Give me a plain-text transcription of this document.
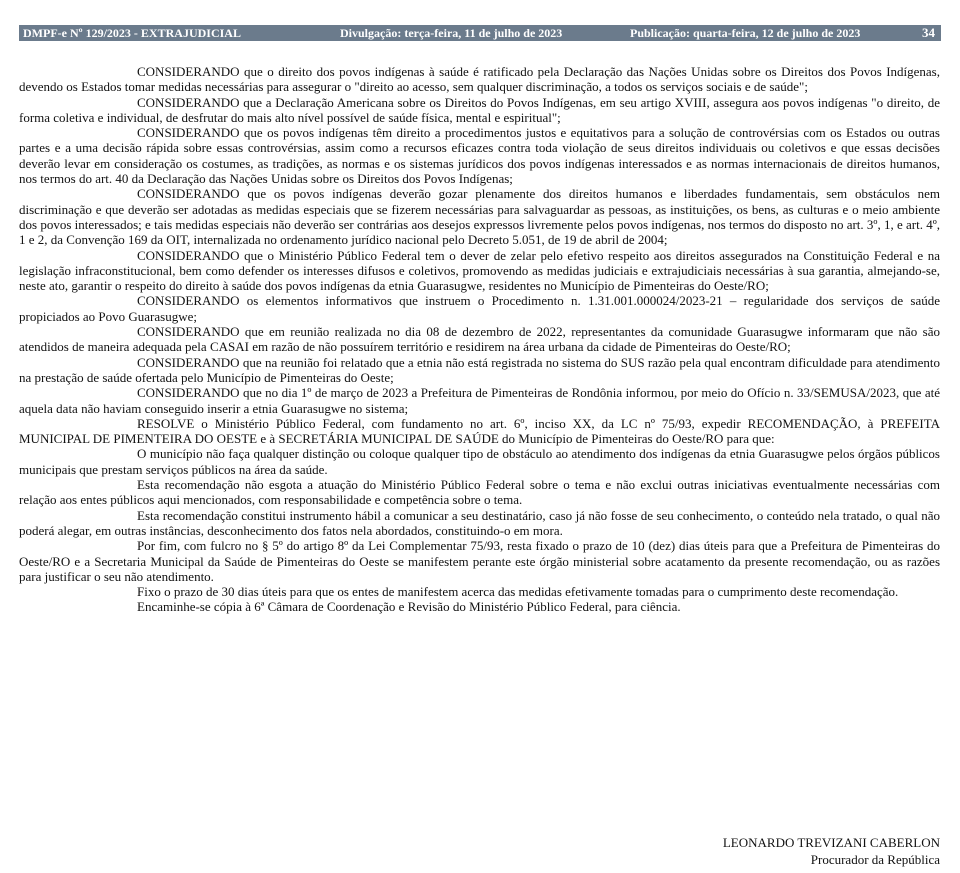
DMPF-e Nº 129/2023 - EXTRAJUDICIAL	Divulgação: terça-feira, 11 de julho de 2023	Publicação: quarta-feira, 12 de julho de 2023	34

CONSIDERANDO que o direito dos povos indígenas à saúde é ratificado pela Declaração das Nações Unidas sobre os Direitos dos Povos Indígenas, devendo os Estados tomar medidas necessárias para assegurar o "direito ao acesso, sem qualquer discriminação, a todos os serviços sociais e de saúde";

CONSIDERANDO que a Declaração Americana sobre os Direitos do Povos Indígenas, em seu artigo XVIII, assegura aos povos indígenas "o direito, de forma coletiva e individual, de desfrutar do mais alto nível possível de saúde física, mental e espiritual";

CONSIDERANDO que os povos indígenas têm direito a procedimentos justos e equitativos para a solução de controvérsias com os Estados ou outras partes e a uma decisão rápida sobre essas controvérsias, assim como a recursos eficazes contra toda violação de seus direitos individuais ou coletivos e que essas decisões deverão levar em consideração os costumes, as tradições, as normas e os sistemas jurídicos dos povos indígenas interessados e as normas internacionais de direitos humanos, nos termos do art. 40 da Declaração das Nações Unidas sobre os Direitos dos Povos Indígenas;

CONSIDERANDO que os povos indígenas deverão gozar plenamente dos direitos humanos e liberdades fundamentais, sem obstáculos nem discriminação e que deverão ser adotadas as medidas especiais que se fizerem necessárias para salvaguardar as pessoas, as instituições, os bens, as culturas e o meio ambiente dos povos interessados; e tais medidas especiais não deverão ser contrárias aos desejos expressos livremente pelos povos indígenas, nos termos do disposto no art. 3º, 1, e art. 4º, 1 e 2, da Convenção 169 da OIT, internalizada no ordenamento jurídico nacional pelo Decreto 5.051, de 19 de abril de 2004;

CONSIDERANDO que o Ministério Público Federal tem o dever de zelar pelo efetivo respeito aos direitos assegurados na Constituição Federal e na legislação infraconstitucional, bem como defender os interesses difusos e coletivos, promovendo as medidas judiciais e extrajudiciais necessárias à sua garantia, almejando-se, neste ato, garantir o respeito do direito à saúde dos povos indígenas da etnia Guarasugwe, residentes no Município de Pimenteiras do Oeste/RO;

CONSIDERANDO os elementos informativos que instruem o Procedimento n. 1.31.001.000024/2023-21 – regularidade dos serviços de saúde propiciados ao Povo Guarasugwe;

CONSIDERANDO que em reunião realizada no dia 08 de dezembro de 2022, representantes da comunidade Guarasugwe informaram que não são atendidos de maneira adequada pela CASAI em razão de não possuírem território e residirem na área urbana da cidade de Pimenteiras do Oeste/RO;

CONSIDERANDO que na reunião foi relatado que a etnia não está registrada no sistema do SUS razão pela qual encontram dificuldade para atendimento na prestação de saúde ofertada pelo Município de Pimenteiras do Oeste;

CONSIDERANDO que no dia 1º de março de 2023 a Prefeitura de Pimenteiras de Rondônia informou, por meio do Ofício n. 33/SEMUSA/2023, que até aquela data não haviam conseguido inserir a etnia Guarasugwe no sistema;

RESOLVE o Ministério Público Federal, com fundamento no art. 6º, inciso XX, da LC nº 75/93, expedir RECOMENDAÇÃO, à PREFEITA MUNICIPAL DE PIMENTEIRA DO OESTE e à SECRETÁRIA MUNICIPAL DE SAÚDE do Município de Pimenteiras do Oeste/RO para que:

O município não faça qualquer distinção ou coloque qualquer tipo de obstáculo ao atendimento dos indígenas da etnia Guarasugwe pelos órgãos públicos municipais que prestam serviços públicos na área da saúde.

Esta recomendação não esgota a atuação do Ministério Público Federal sobre o tema e não exclui outras iniciativas eventualmente necessárias com relação aos entes públicos aqui mencionados, com responsabilidade e competência sobre o tema.

Esta recomendação constitui instrumento hábil a comunicar a seu destinatário, caso já não fosse de seu conhecimento, o conteúdo nela tratado, o qual não poderá alegar, em outras instâncias, desconhecimento dos fatos nela abordados, constituindo-o em mora.

Por fim, com fulcro no § 5º do artigo 8º da Lei Complementar 75/93, resta fixado o prazo de 10 (dez) dias úteis para que a Prefeitura de Pimenteiras do Oeste/RO e a Secretaria Municipal da Saúde de Pimenteiras do Oeste se manifestem perante este órgão ministerial sobre acatamento da presente recomendação, ou as razões para justificar o seu não atendimento.

Fixo o prazo de 30 dias úteis para que os entes de manifestem acerca das medidas efetivamente tomadas para o cumprimento deste recomendação.

Encaminhe-se cópia à 6ª Câmara de Coordenação e Revisão do Ministério Público Federal, para ciência.

LEONARDO TREVIZANI CABERLON
Procurador da República
